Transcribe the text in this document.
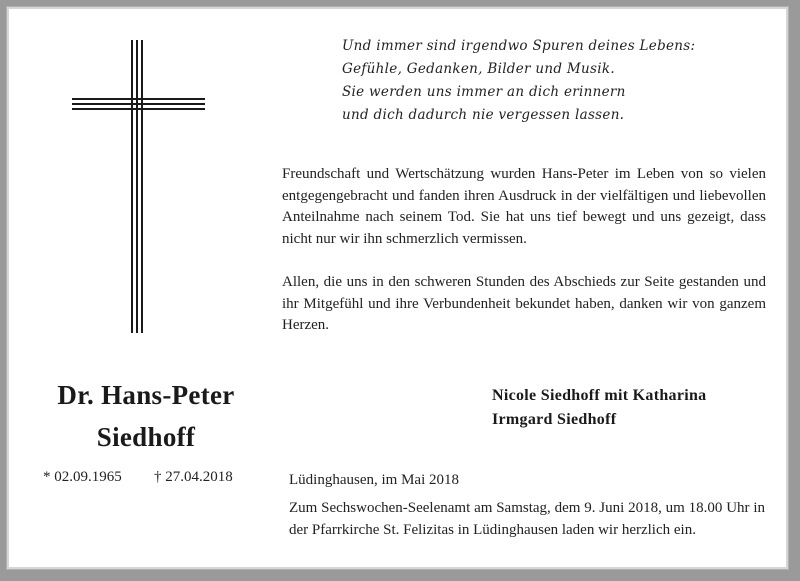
Und immer sind irgendwo Spuren deines Lebens:
Gefühle, Gedanken, Bilder und Musik.
Sie werden uns immer an dich erinnern
und dich dadurch nie vergessen lassen.
Freundschaft und Wertschätzung wurden Hans-Peter im Leben von so vielen entgegengebracht und fanden ihren Ausdruck in der vielfältigen und liebevollen Anteilnahme nach seinem Tod. Sie hat uns tief bewegt und uns gezeigt, dass nicht nur wir ihn schmerzlich vermissen.
Allen, die uns in den schweren Stunden des Abschieds zur Seite gestanden und ihr Mitgefühl und ihre Verbundenheit bekundet haben, danken wir von ganzem Herzen.
Dr. Hans-Peter
Siedhoff
* 02.09.1965 † 27.04.2018
Nicole Siedhoff mit Katharina
Irmgard Siedhoff
Lüdinghausen, im Mai 2018
Zum Sechswochen-Seelenamt am Samstag, dem 9. Juni 2018, um 18.00 Uhr in der Pfarrkirche St. Felizitas in Lüdinghausen laden wir herzlich ein.
